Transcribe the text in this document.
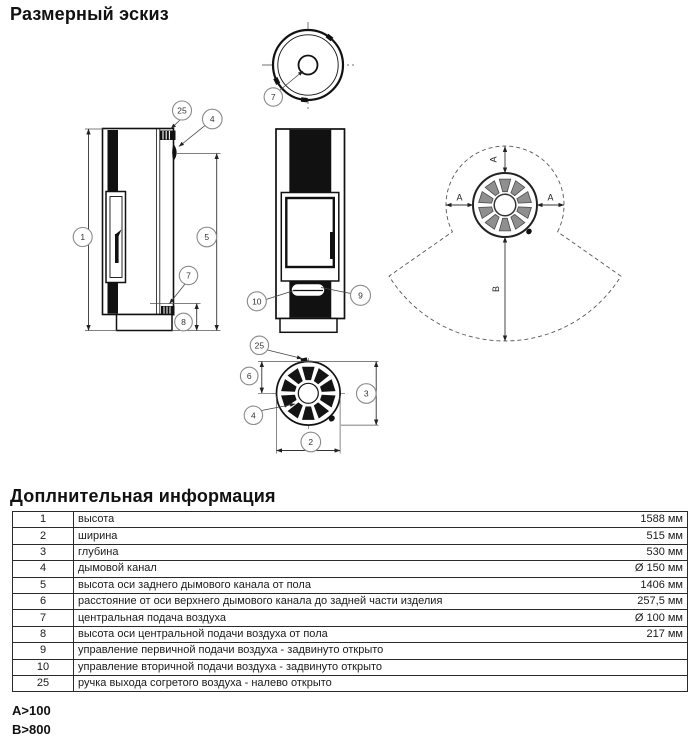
Размерный эскиз
7
1	5
8
25
4
7
10
9
6
3
2
25
4
A
A	A
B
Доплнительная информация
1	высота	1588 мм
2	ширина	515 мм
3	глубина	530 мм
4	дымовой канал	Ø 150 мм
5	высота оси заднего дымового канала от пола	1406 мм
6	расстояние от оси верхнего дымового канала до задней части изделия	257,5 мм
7	центральная подача воздуха	Ø 100 мм
8	высота оси центральной подачи воздуха от пола	217 мм
9	управление первичной подачи воздуха - задвинуто открыто	
10	управление вторичной подачи воздуха - задвинуто открыто	
25	ручка выхода согретого воздуха - налево открыто	
A>100
B>800
